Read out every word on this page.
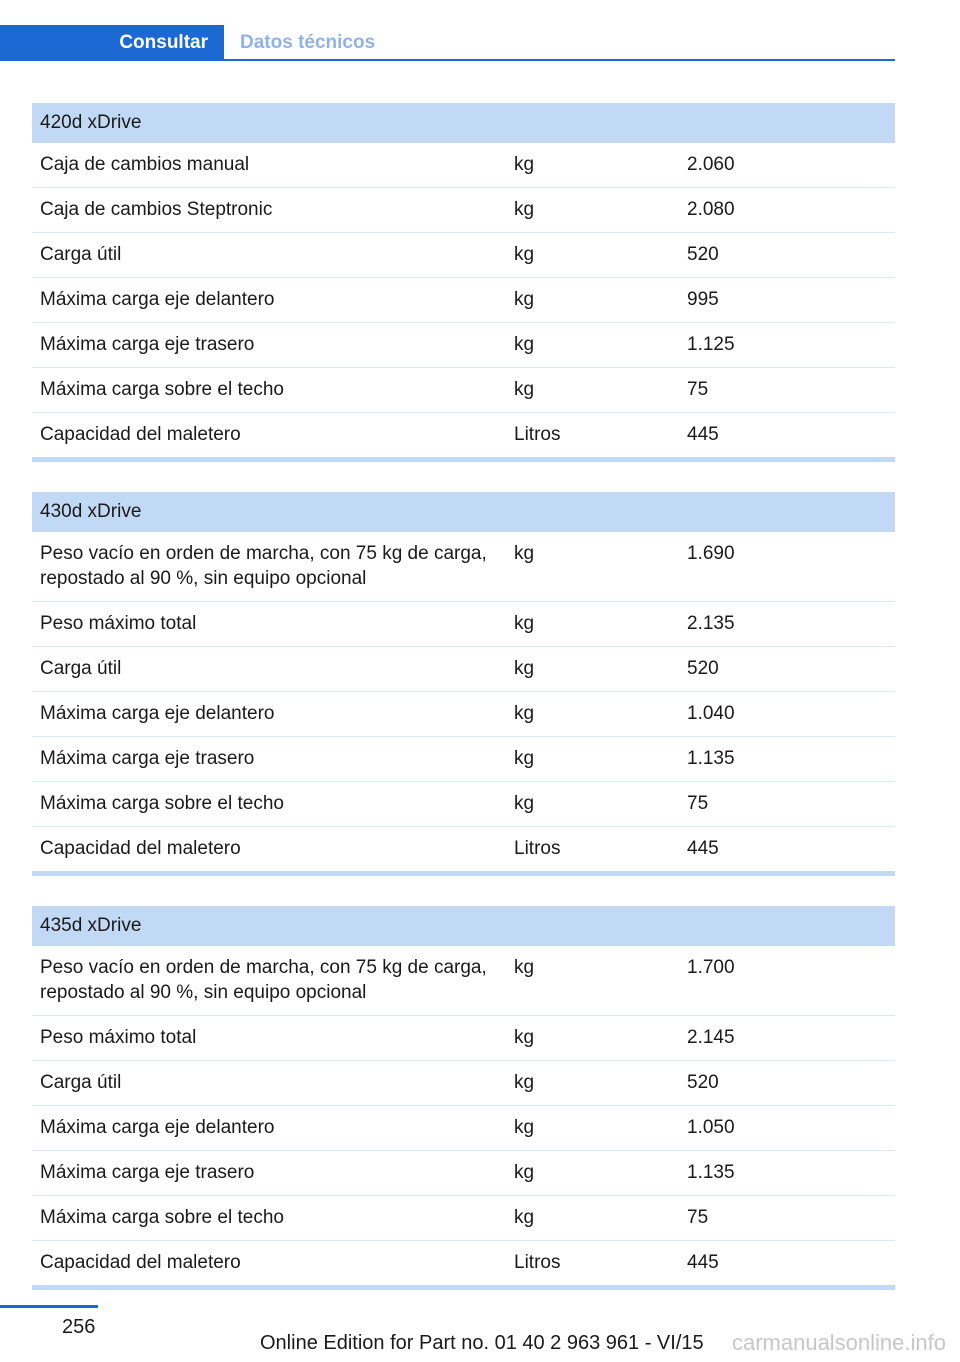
Consultar	Datos técnicos
420d xDrive		
Caja de cambios manual	kg	2.060
Caja de cambios Steptronic	kg	2.080
Carga útil	kg	520
Máxima carga eje delantero	kg	995
Máxima carga eje trasero	kg	1.125
Máxima carga sobre el techo	kg	75
Capacidad del maletero	Litros	445
430d xDrive		
Peso vacío en orden de marcha, con 75 kg de carga, repostado al 90 %, sin equipo opcional	kg	1.690
Peso máximo total	kg	2.135
Carga útil	kg	520
Máxima carga eje delantero	kg	1.040
Máxima carga eje trasero	kg	1.135
Máxima carga sobre el techo	kg	75
Capacidad del maletero	Litros	445
435d xDrive		
Peso vacío en orden de marcha, con 75 kg de carga, repostado al 90 %, sin equipo opcional	kg	1.700
Peso máximo total	kg	2.145
Carga útil	kg	520
Máxima carga eje delantero	kg	1.050
Máxima carga eje trasero	kg	1.135
Máxima carga sobre el techo	kg	75
Capacidad del maletero	Litros	445
256
Online Edition for Part no. 01 40 2 963 961 - VI/15 carmanualsonline.info
